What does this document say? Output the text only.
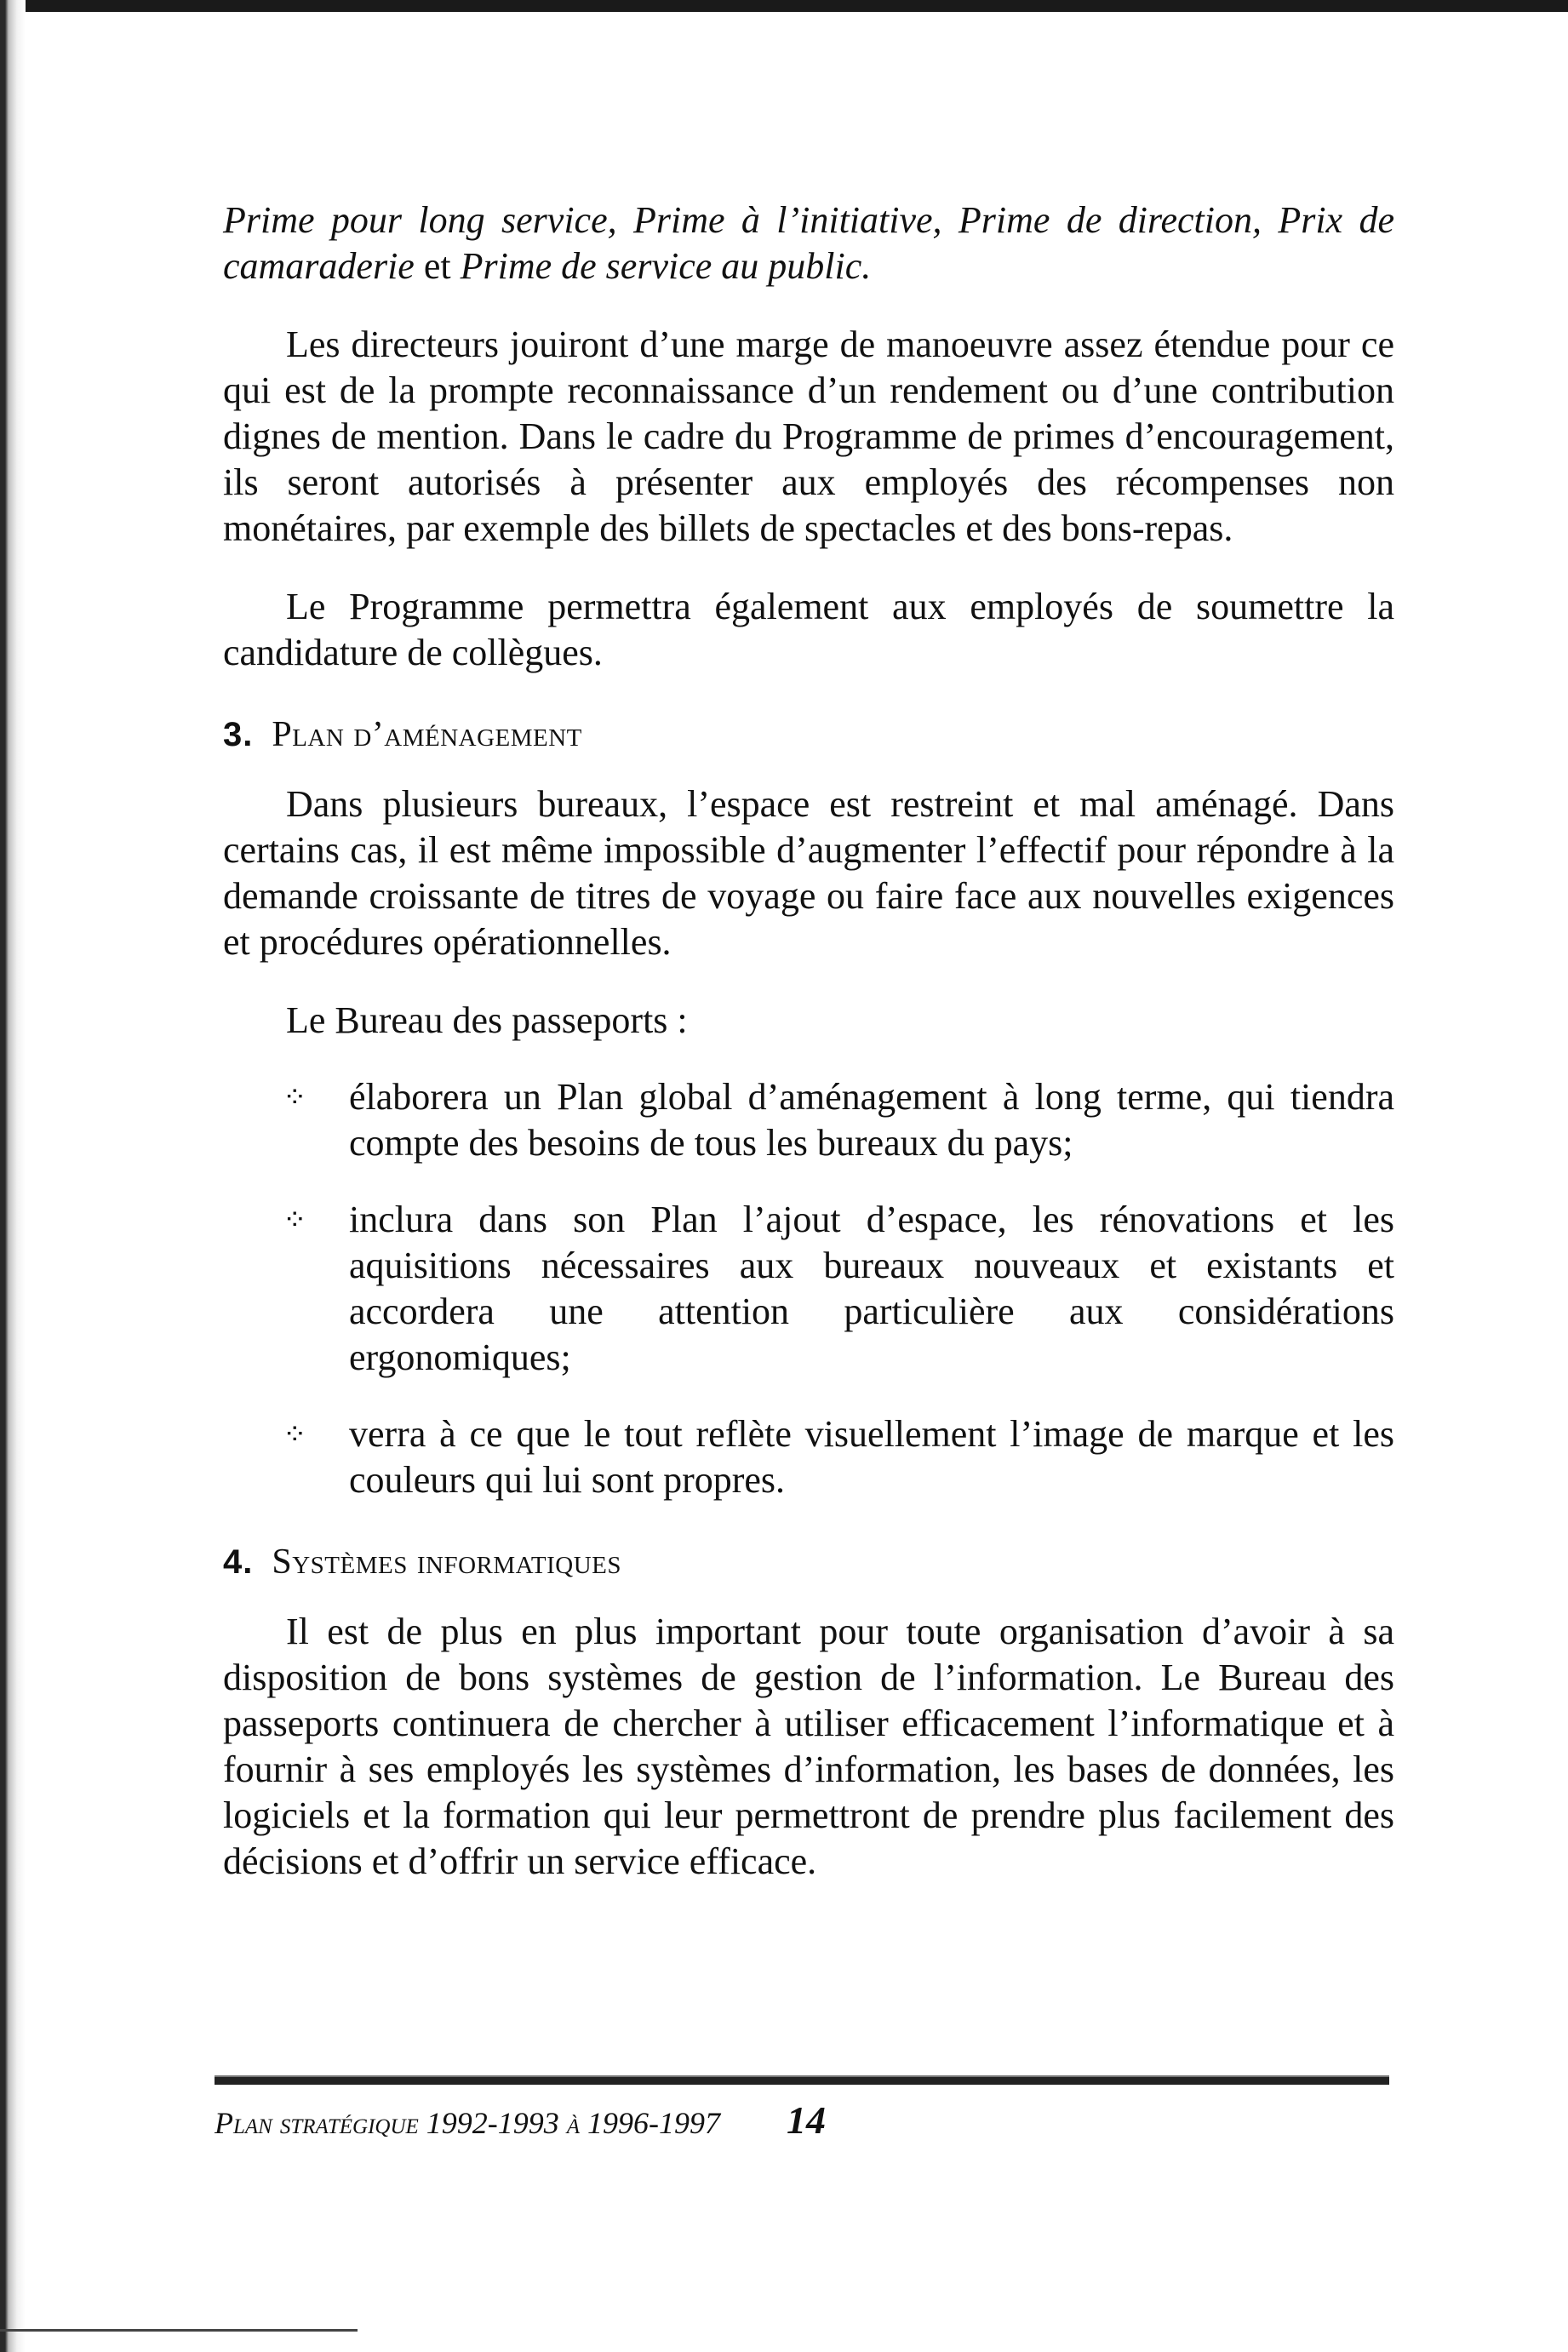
Prime pour long service, Prime à l’initiative, Prime de direction, Prix de camaraderie et Prime de service au public.

Les directeurs jouiront d’une marge de manoeuvre assez étendue pour ce qui est de la prompte reconnaissance d’un rendement ou d’une contribution dignes de mention. Dans le cadre du Programme de primes d’encouragement, ils seront autorisés à présenter aux employés des récompenses non monétaires, par exemple des billets de spectacles et des bons-repas.

Le Programme permettra également aux employés de soumettre la candidature de collègues.

3. Plan d’aménagement

Dans plusieurs bureaux, l’espace est restreint et mal aménagé. Dans certains cas, il est même impossible d’augmenter l’effectif pour répondre à la demande croissante de titres de voyage ou faire face aux nouvelles exigences et procédures opérationnelles.

Le Bureau des passeports :
⁘ élaborera un Plan global d’aménagement à long terme, qui tiendra compte des besoins de tous les bureaux du pays;
⁘ inclura dans son Plan l’ajout d’espace, les rénovations et les aquisitions nécessaires aux bureaux nouveaux et existants et accordera une attention particulière aux considérations ergonomiques;
⁘ verra à ce que le tout reflète visuellement l’image de marque et les couleurs qui lui sont propres.
4. Systèmes informatiques

Il est de plus en plus important pour toute organisation d’avoir à sa disposition de bons systèmes de gestion de l’information. Le Bureau des passeports continuera de chercher à utiliser efficacement l’informatique et à fournir à ses employés les systèmes d’information, les bases de données, les logiciels et la formation qui leur permettront de prendre plus facilement des décisions et d’offrir un service efficace.

Plan stratégique 1992-1993 à 1996-1997 14
